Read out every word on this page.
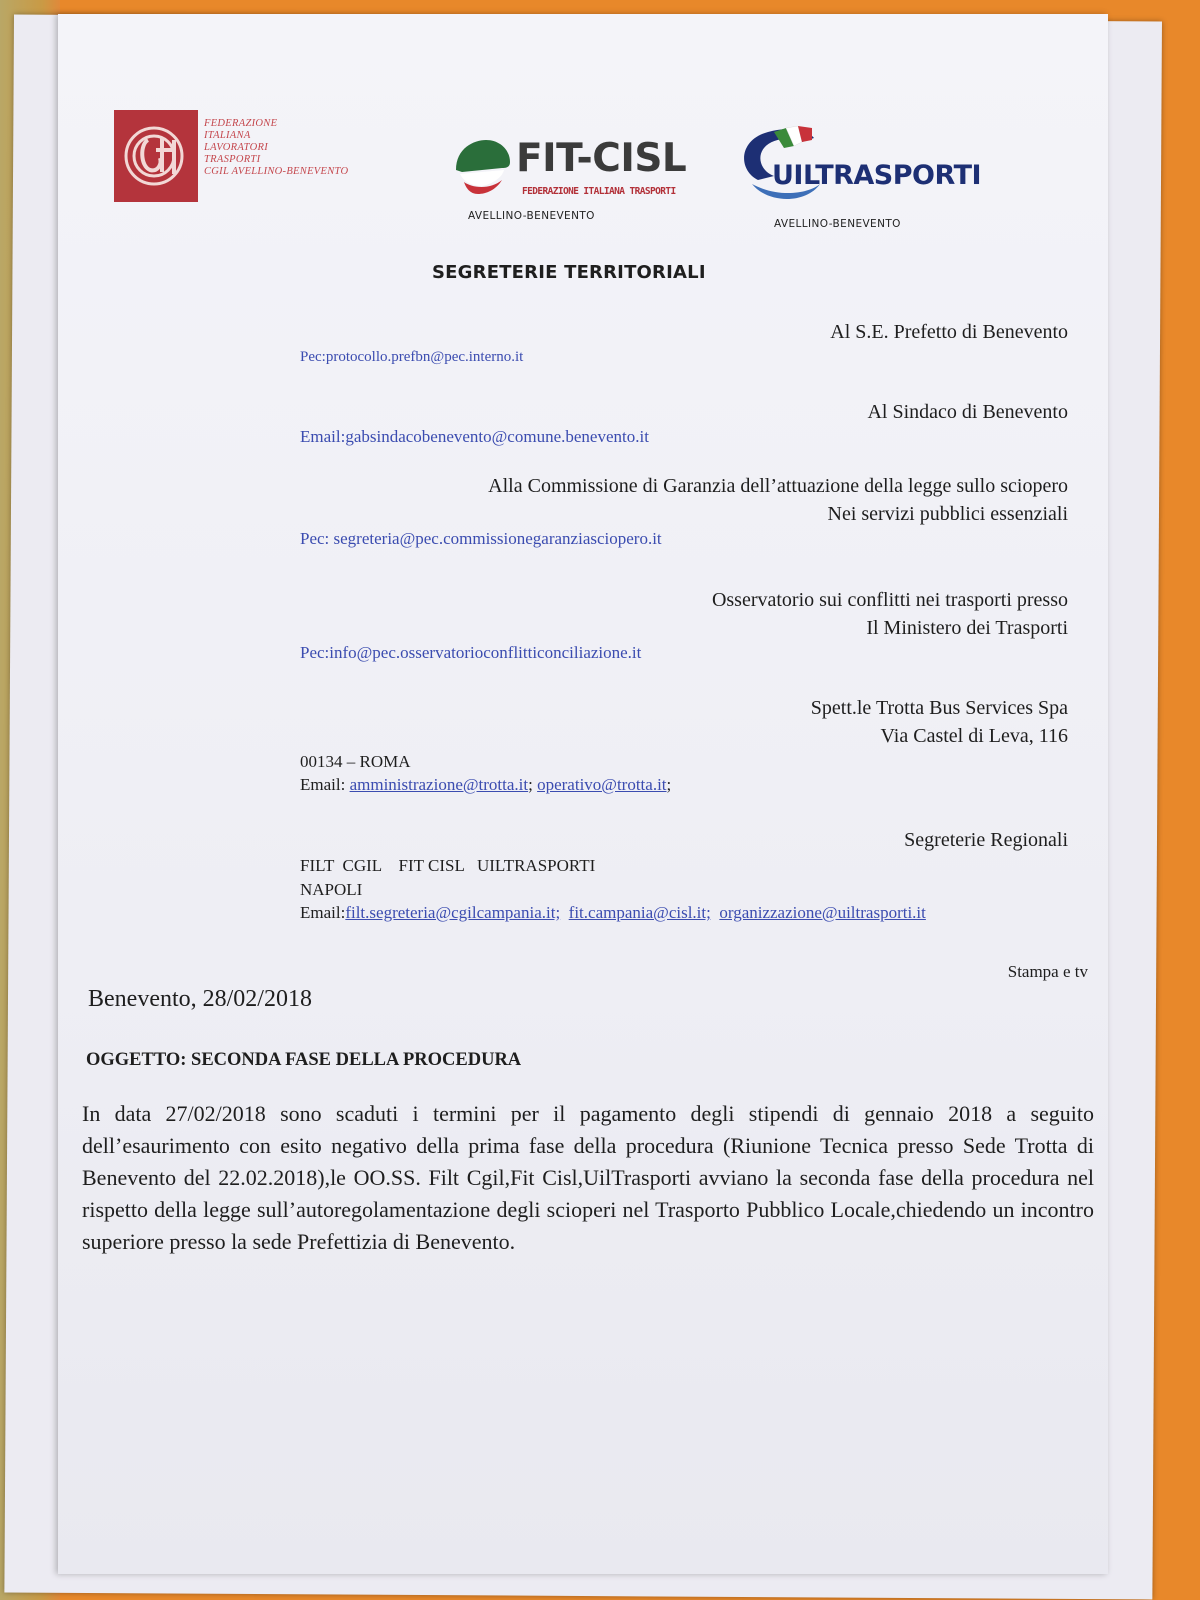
FEDERAZIONE
ITALIANA
LAVORATORI
TRASPORTI
CGIL AVELLINO-BENEVENTO	FIT-CISL
FEDERAZIONE ITALIANA TRASPORTI
AVELLINO-BENEVENTO
UILTRASPORTI
AVELLINO-BENEVENTO
SEGRETERIE TERRITORIALI
Al S.E. Prefetto di Benevento
Pec:protocollo.prefbn@pec.interno.it
Al Sindaco di Benevento
Email:gabsindacobenevento@comune.benevento.it
Alla Commissione di Garanzia dell’attuazione della legge sullo sciopero
Nei servizi pubblici essenziali
Pec: segreteria@pec.commissionegaranziasciopero.it
Osservatorio sui conflitti nei trasporti presso
Il Ministero dei Trasporti
Pec:info@pec.osservatorioconflitticonciliazione.it
Spett.le Trotta Bus Services Spa
Via Castel di Leva, 116
00134 – ROMA
Email: amministrazione@trotta.it; operativo@trotta.it;
Segreterie Regionali
FILT  CGIL    FIT CISL   UILTRASPORTI
NAPOLI
Email:filt.segreteria@cgilcampania.it; fit.campania@cisl.it; organizzazione@uiltrasporti.it
Stampa e tv
Benevento, 28/02/2018
OGGETTO: SECONDA FASE DELLA PROCEDURA
In data 27/02/2018 sono scaduti i termini per il pagamento degli stipendi di gennaio 2018 a seguito dell’esaurimento con esito negativo della prima fase della procedura (Riunione Tecnica presso Sede Trotta di Benevento del 22.02.2018),le OO.SS. Filt Cgil,Fit Cisl,UilTrasporti avviano la seconda fase della procedura nel rispetto della legge sull’autoregolamentazione degli scioperi nel Trasporto Pubblico Locale,chiedendo un incontro superiore presso la sede Prefettizia di Benevento.
